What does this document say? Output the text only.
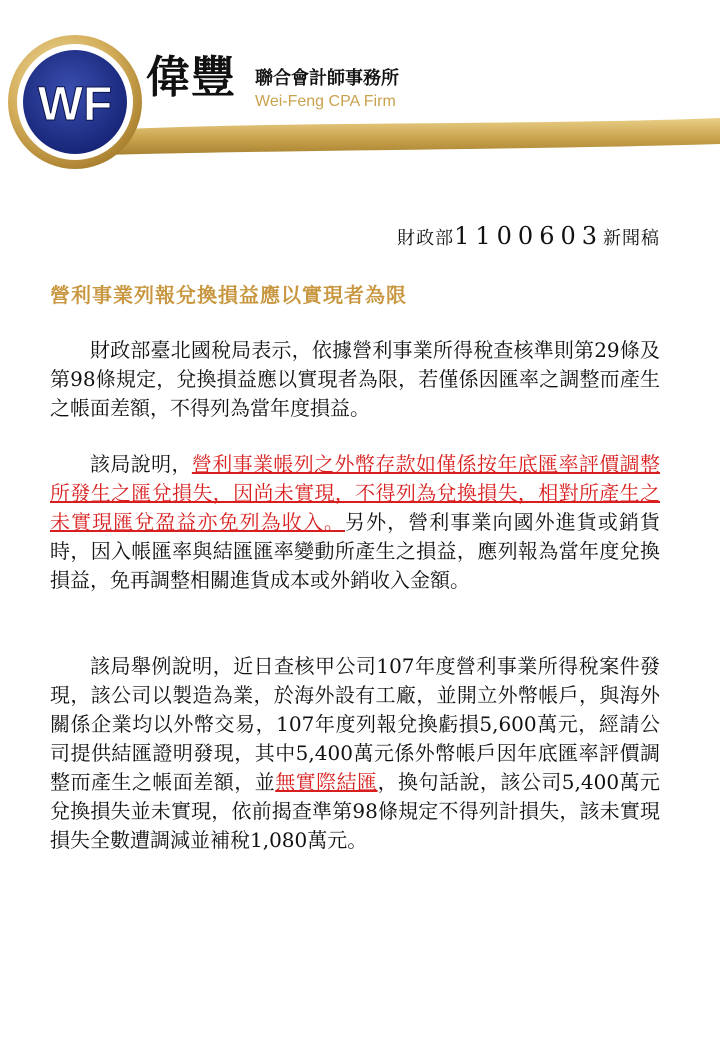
WF
偉豐 聯合會計師事務所
Wei-Feng CPA Firm
財政部1100603新聞稿
營利事業列報兌換損益應以實現者為限

財政部臺北國稅局表示，依據營利事業所得稅查核準則第29條及第98條規定，兌換損益應以實現者為限，若僅係因匯率之調整而產生之帳面差額，不得列為當年度損益。

該局說明，營利事業帳列之外幣存款如僅係按年底匯率評價調整所發生之匯兌損失，因尚未實現，不得列為兌換損失，相對所產生之未實現匯兌盈益亦免列為收入。另外，營利事業向國外進貨或銷貨時，因入帳匯率與結匯匯率變動所產生之損益，應列報為當年度兌換損益，免再調整相關進貨成本或外銷收入金額。

該局舉例說明，近日查核甲公司107年度營利事業所得稅案件發現，該公司以製造為業，於海外設有工廠，並開立外幣帳戶，與海外關係企業均以外幣交易，107年度列報兌換虧損5,600萬元，經請公司提供結匯證明發現，其中5,400萬元係外幣帳戶因年底匯率評價調整而產生之帳面差額，並無實際結匯，換句話說，該公司5,400萬元兌換損失並未實現，依前揭查準第98條規定不得列計損失，該未實現損失全數遭調減並補稅1,080萬元。
